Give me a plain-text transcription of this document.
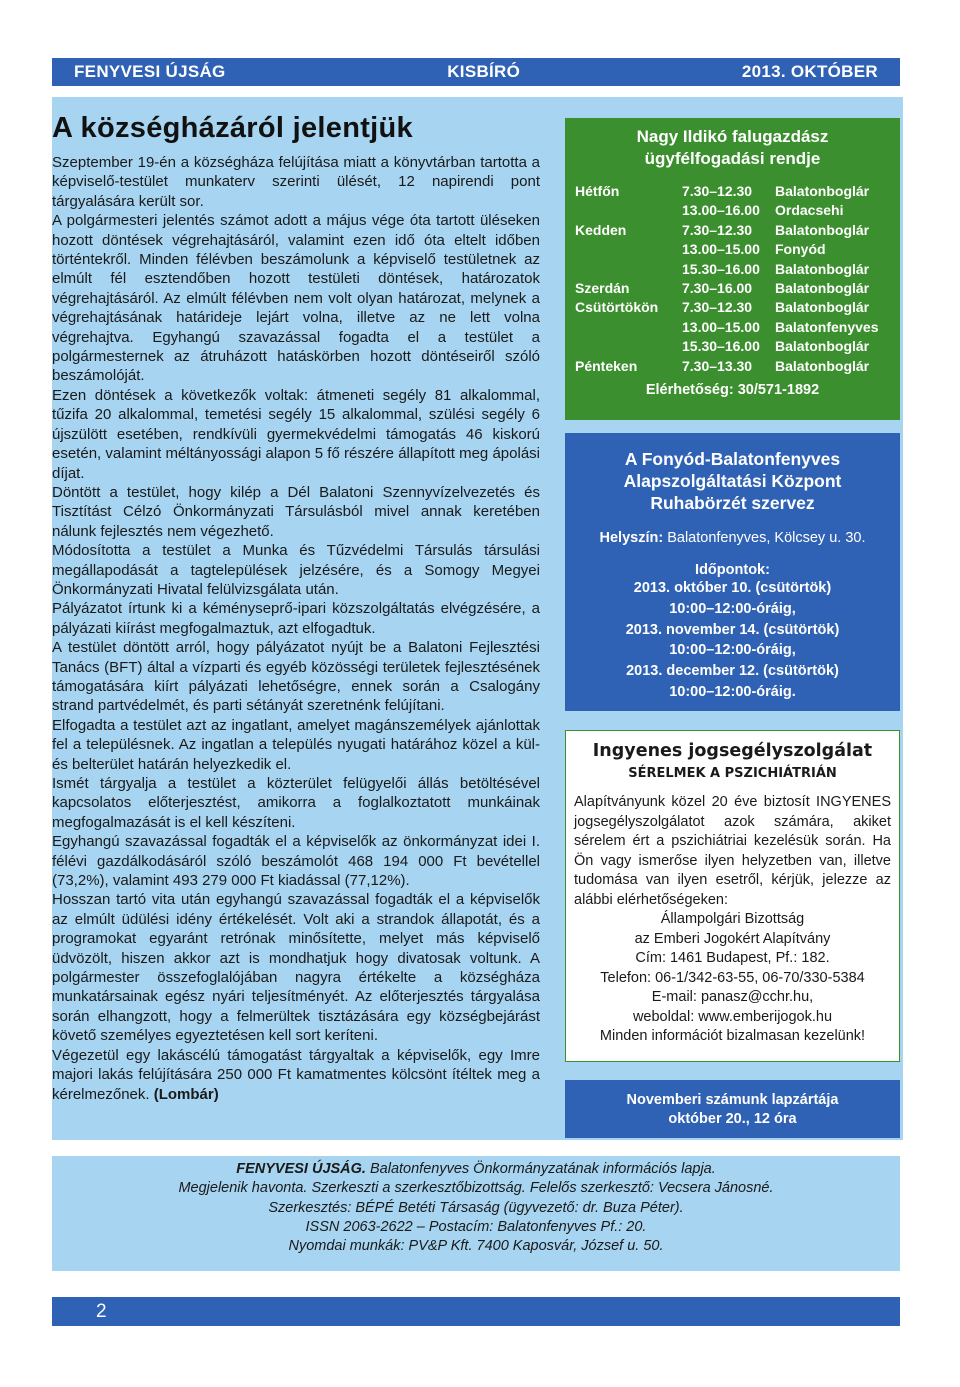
FENYVESI ÚJSÁG	KISBÍRÓ	2013. OKTÓBER
A községházáról jelentjük

Szeptember 19-én a községháza felújítása miatt a könyvtárban tartotta a képviselő-testület munkaterv szerinti ülését, 12 napirendi pont tárgyalására került sor.

A polgármesteri jelentés számot adott a május vége óta tartott üléseken hozott döntések végrehajtásáról, valamint ezen idő óta eltelt időben történtekről. Minden félévben beszámolunk a képviselő testületnek az elmúlt fél esztendőben hozott testületi döntések, határozatok végrehajtásáról. Az elmúlt félévben nem volt olyan határozat, melynek a végrehajtásának határideje lejárt volna, illetve az ne lett volna végrehajtva. Egyhangú szavazással fogadta el a testület a polgármesternek az átruházott hatáskörben hozott döntéseiről szóló beszámolóját.

Ezen döntések a következők voltak: átmeneti segély 81 alkalommal, tűzifa 20 alkalommal, temetési segély 15 alkalommal, szülési segély 6 újszülött esetében, rendkívüli gyermekvédelmi támogatás 46 kiskorú esetén, valamint méltányossági alapon 5 fő részére állapított meg ápolási díjat.

Döntött a testület, hogy kilép a Dél Balatoni Szennyvízelvezetés és Tisztítást Célzó Önkormányzati Társulásból mivel annak keretében nálunk fejlesztés nem végezhető.

Módosította a testület a Munka és Tűzvédelmi Társulás társulási megállapodását a tagtelepülések jelzésére, és a Somogy Megyei Önkormányzati Hivatal felülvizsgálata után.

Pályázatot írtunk ki a kéményseprő-ipari közszolgáltatás elvégzésére, a pályázati kiírást megfogalmaztuk, azt elfogadtuk.

A testület döntött arról, hogy pályázatot nyújt be a Balatoni Fejlesztési Tanács (BFT) által a vízparti és egyéb közösségi területek fejlesztésének támogatására kiírt pályázati lehetőségre, ennek során a Csalogány strand partvédelmét, és parti sétányát szeretnénk felújítani.

Elfogadta a testület azt az ingatlant, amelyet magánszemélyek ajánlottak fel a településnek. Az ingatlan a település nyugati határához közel a kül- és belterület határán helyezkedik el.

Ismét tárgyalja a testület a közterület felügyelői állás betöltésével kapcsolatos előterjesztést, amikorra a foglalkoztatott munkáinak megfogalmazását is el kell készíteni.

Egyhangú szavazással fogadták el a képviselők az önkormányzat idei I. félévi gazdálkodásáról szóló beszámolót 468 194 000 Ft bevétellel (73,2%), valamint 493 279 000 Ft kiadással (77,12%).

Hosszan tartó vita után egyhangú szavazással fogadták el a képviselők az elmúlt üdülési idény értékelését. Volt aki a strandok állapotát, és a programokat egyaránt retrónak minősítette, melyet más képviselő üdvözölt, hiszen akkor azt is mondhatjuk hogy divatosak voltunk. A polgármester összefoglalójában nagyra értékelte a községháza munkatársainak egész nyári teljesítményét. Az előterjesztés tárgyalása során elhangzott, hogy a felmerültek tisztázására egy községbejárást követő személyes egyeztetésen kell sort keríteni.

Végezetül egy lakáscélú támogatást tárgyaltak a képviselők, egy Imre majori lakás felújítására 250 000 Ft kamatmentes kölcsönt ítéltek meg a kérelmezőnek. (Lombár)

Nagy Ildikó falugazdász
ügyfélfogadási rendje
Hétfőn	7.30–12.30 Balatonboglár
13.00–16.00 Ordacsehi
Kedden	7.30–12.30 Balatonboglár
13.00–15.00 Fonyód
15.30–16.00 Balatonboglár
Szerdán	7.30–16.00 Balatonboglár
Csütörtökön 7.30–12.30 Balatonboglár
13.00–15.00 Balatonfenyves
15.30–16.00 Balatonboglár
Pénteken	7.30–13.30 Balatonboglár
Elérhetőség: 30/571-1892
A Fonyód-Balatonfenyves
Alapszolgáltatási Központ
Ruhabörzét szervez
Helyszín: Balatonfenyves, Kölcsey u. 30.
Időpontok:
2013. október 10. (csütörtök)
10:00–12:00-óráig,
2013. november 14. (csütörtök)
10:00–12:00-óráig,
2013. december 12. (csütörtök)
10:00–12:00-óráig.
Ingyenes jogsegélyszolgálat
SÉRELMEK A PSZICHIÁTRIÁN
Alapítványunk közel 20 éve biztosít INGYENES jogsegélyszolgálatot azok számára, akiket sérelem ért a pszichiátriai kezelésük során. Ha Ön vagy ismerőse ilyen helyzetben van, illetve tudomása van ilyen esetről, kérjük, jelezze az alábbi elérhetőségeken:
Állampolgári Bizottság
az Emberi Jogokért Alapítvány
Cím: 1461 Budapest, Pf.: 182.
Telefon: 06-1/342-63-55, 06-70/330-5384
E-mail: panasz@cchr.hu,
weboldal: www.emberijogok.hu
Minden információt bizalmasan kezelünk!
Novemberi számunk lapzártája
október 20., 12 óra
FENYVESI ÚJSÁG. Balatonfenyves Önkormányzatának információs lapja.
Megjelenik havonta. Szerkeszti a szerkesztőbizottság. Felelős szerkesztő: Vecsera Jánosné.
Szerkesztés: BÉPÉ Betéti Társaság (ügyvezető: dr. Buza Péter).
ISSN 2063-2622 – Postacím: Balatonfenyves Pf.: 20.
Nyomdai munkák: PV&P Kft. 7400 Kaposvár, József u. 50.
2
